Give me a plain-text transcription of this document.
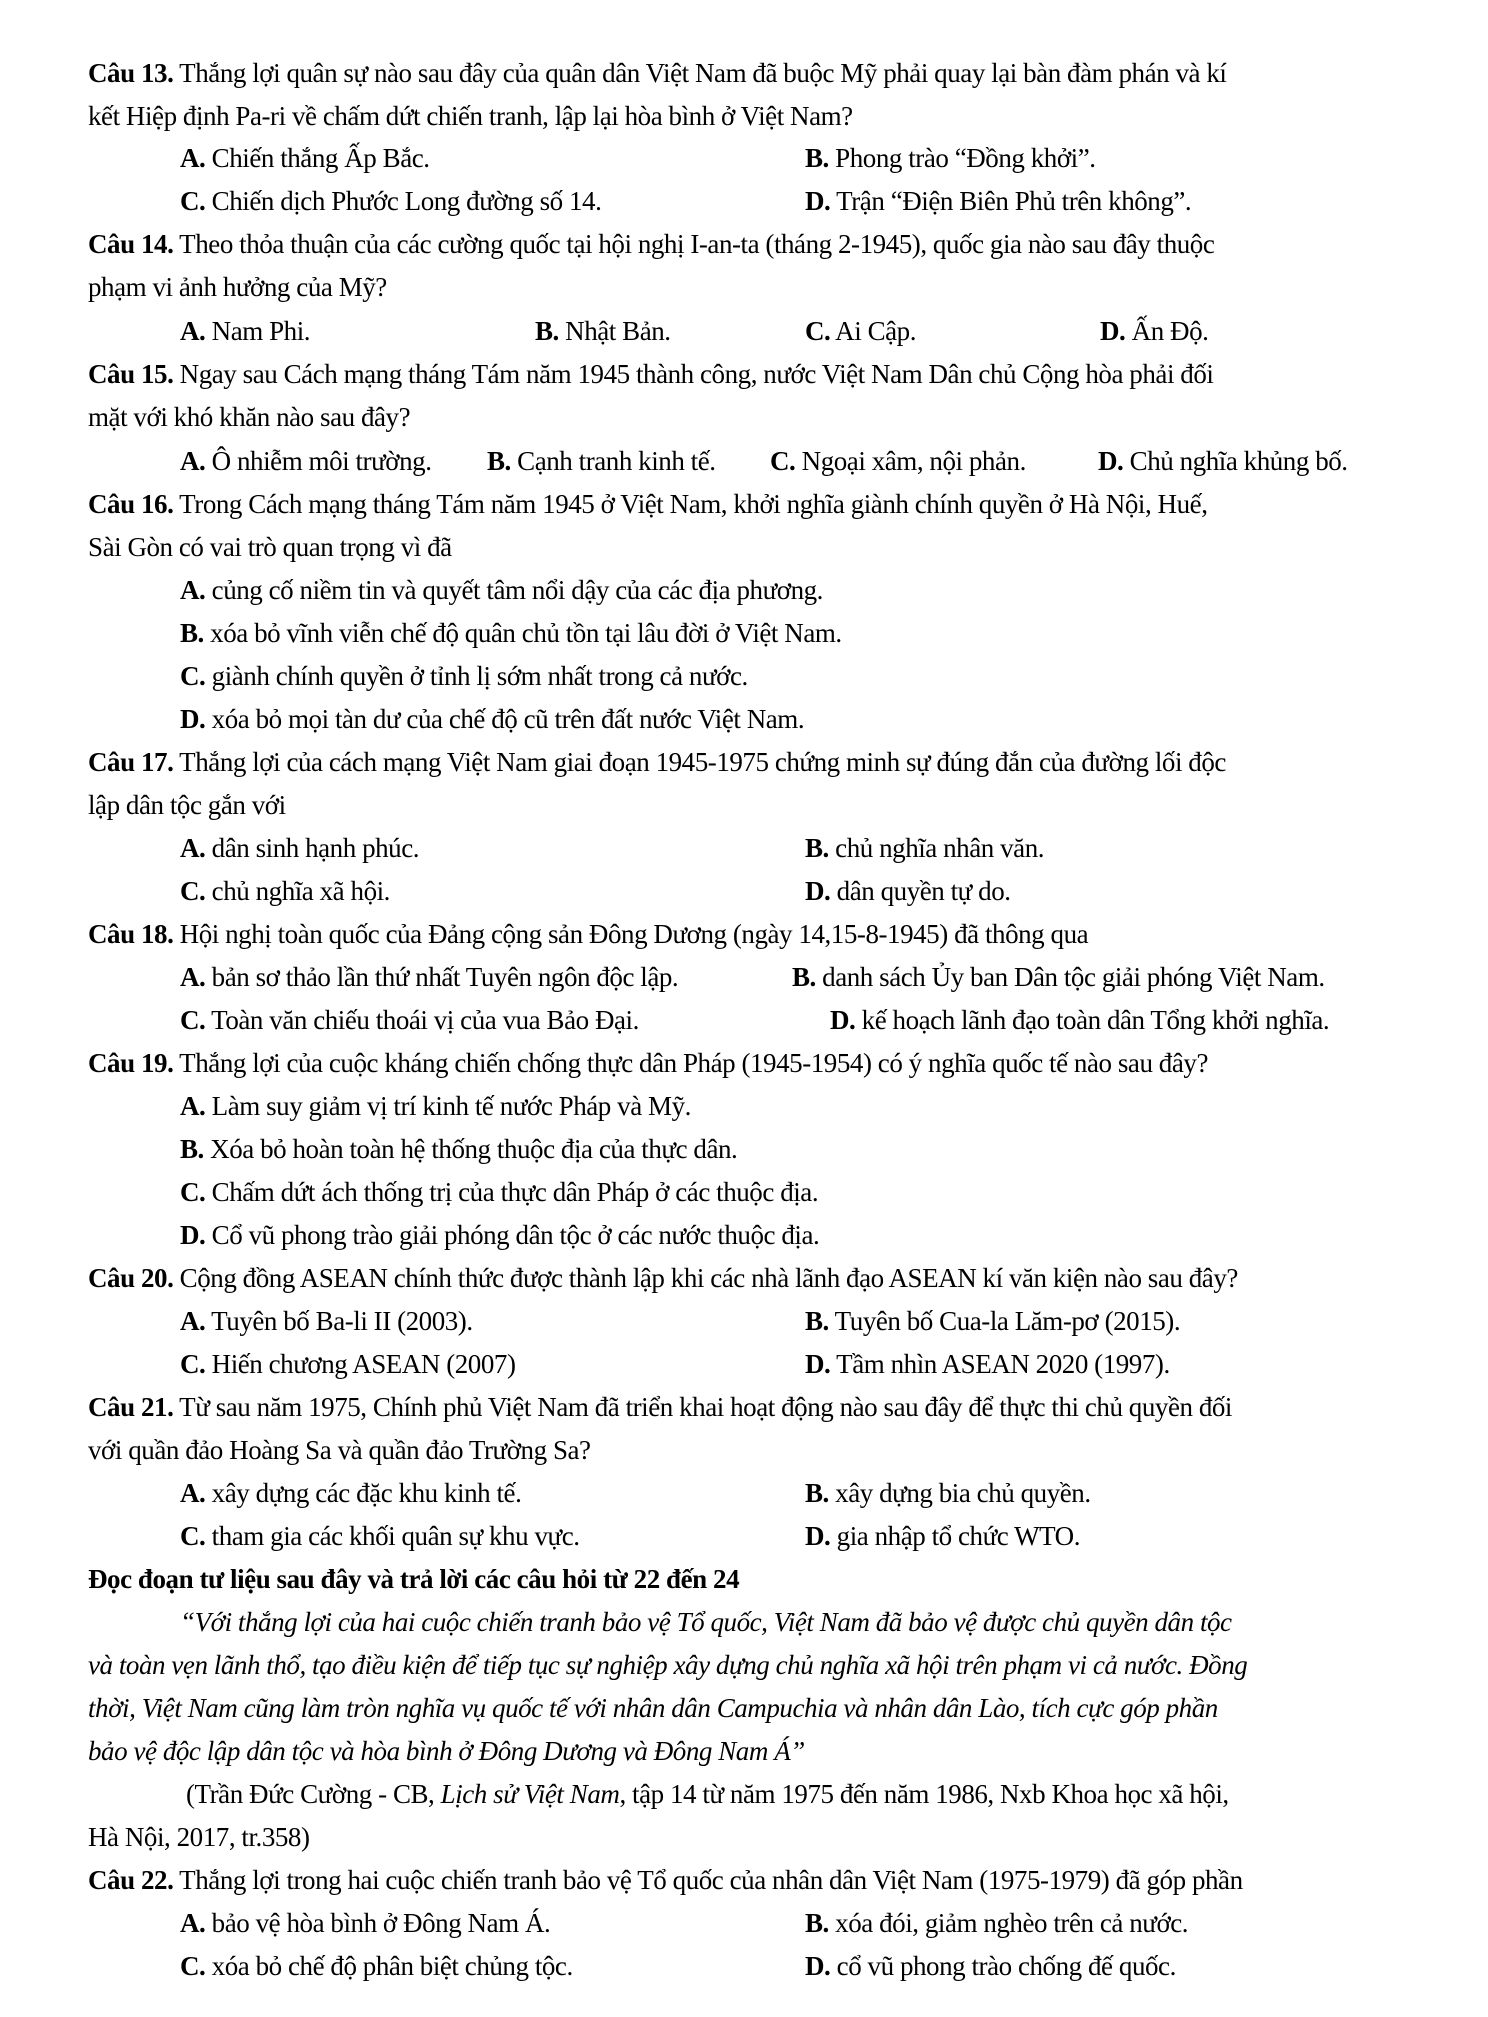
Câu 13. Thắng lợi quân sự nào sau đây của quân dân Việt Nam đã buộc Mỹ phải quay lại bàn đàm phán và kí
kết Hiệp định Pa-ri về chấm dứt chiến tranh, lập lại hòa bình ở Việt Nam?
A. Chiến thắng Ấp Bắc.	B. Phong trào “Đồng khởi”.
C. Chiến dịch Phước Long đường số 14.	D. Trận “Điện Biên Phủ trên không”.
Câu 14. Theo thỏa thuận của các cường quốc tại hội nghị I-an-ta (tháng 2-1945), quốc gia nào sau đây thuộc
phạm vi ảnh hưởng của Mỹ?
A. Nam Phi.	B. Nhật Bản.	C. Ai Cập.	D. Ấn Độ.
Câu 15. Ngay sau Cách mạng tháng Tám năm 1945 thành công, nước Việt Nam Dân chủ Cộng hòa phải đối
mặt với khó khăn nào sau đây?
A. Ô nhiễm môi trường. B. Cạnh tranh kinh tế. C. Ngoại xâm, nội phản.	D. Chủ nghĩa khủng bố.
Câu 16. Trong Cách mạng tháng Tám năm 1945 ở Việt Nam, khởi nghĩa giành chính quyền ở Hà Nội, Huế,
Sài Gòn có vai trò quan trọng vì đã
A. củng cố niềm tin và quyết tâm nổi dậy của các địa phương.
B. xóa bỏ vĩnh viễn chế độ quân chủ tồn tại lâu đời ở Việt Nam.
C. giành chính quyền ở tỉnh lị sớm nhất trong cả nước.
D. xóa bỏ mọi tàn dư của chế độ cũ trên đất nước Việt Nam.
Câu 17. Thắng lợi của cách mạng Việt Nam giai đoạn 1945-1975 chứng minh sự đúng đắn của đường lối độc
lập dân tộc gắn với
A. dân sinh hạnh phúc.	B. chủ nghĩa nhân văn.
C. chủ nghĩa xã hội.	D. dân quyền tự do.
Câu 18. Hội nghị toàn quốc của Đảng cộng sản Đông Dương (ngày 14,15-8-1945) đã thông qua
A. bản sơ thảo lần thứ nhất Tuyên ngôn độc lập.	B. danh sách Ủy ban Dân tộc giải phóng Việt Nam.
C. Toàn văn chiếu thoái vị của vua Bảo Đại.	D. kế hoạch lãnh đạo toàn dân Tổng khởi nghĩa.
Câu 19. Thắng lợi của cuộc kháng chiến chống thực dân Pháp (1945-1954) có ý nghĩa quốc tế nào sau đây?
A. Làm suy giảm vị trí kinh tế nước Pháp và Mỹ.
B. Xóa bỏ hoàn toàn hệ thống thuộc địa của thực dân.
C. Chấm dứt ách thống trị của thực dân Pháp ở các thuộc địa.
D. Cổ vũ phong trào giải phóng dân tộc ở các nước thuộc địa.
Câu 20. Cộng đồng ASEAN chính thức được thành lập khi các nhà lãnh đạo ASEAN kí văn kiện nào sau đây?
A. Tuyên bố Ba-li II (2003).	B. Tuyên bố Cua-la Lăm-pơ (2015).
C. Hiến chương ASEAN (2007)	D. Tầm nhìn ASEAN 2020 (1997).
Câu 21. Từ sau năm 1975, Chính phủ Việt Nam đã triển khai hoạt động nào sau đây để thực thi chủ quyền đối
với quần đảo Hoàng Sa và quần đảo Trường Sa?
A. xây dựng các đặc khu kinh tế.	B. xây dựng bia chủ quyền.
C. tham gia các khối quân sự khu vực.	D. gia nhập tổ chức WTO.
Đọc đoạn tư liệu sau đây và trả lời các câu hỏi từ 22 đến 24
“Với thắng lợi của hai cuộc chiến tranh bảo vệ Tổ quốc, Việt Nam đã bảo vệ được chủ quyền dân tộc
và toàn vẹn lãnh thổ, tạo điều kiện để tiếp tục sự nghiệp xây dựng chủ nghĩa xã hội trên phạm vi cả nước. Đồng
thời, Việt Nam cũng làm tròn nghĩa vụ quốc tế với nhân dân Campuchia và nhân dân Lào, tích cực góp phần
bảo vệ độc lập dân tộc và hòa bình ở Đông Dương và Đông Nam Á”
(Trần Đức Cường - CB, Lịch sử Việt Nam, tập 14 từ năm 1975 đến năm 1986, Nxb Khoa học xã hội,
Hà Nội, 2017, tr.358)
Câu 22. Thắng lợi trong hai cuộc chiến tranh bảo vệ Tổ quốc của nhân dân Việt Nam (1975-1979) đã góp phần
A. bảo vệ hòa bình ở Đông Nam Á.	B. xóa đói, giảm nghèo trên cả nước.
C. xóa bỏ chế độ phân biệt chủng tộc.	D. cổ vũ phong trào chống đế quốc.
